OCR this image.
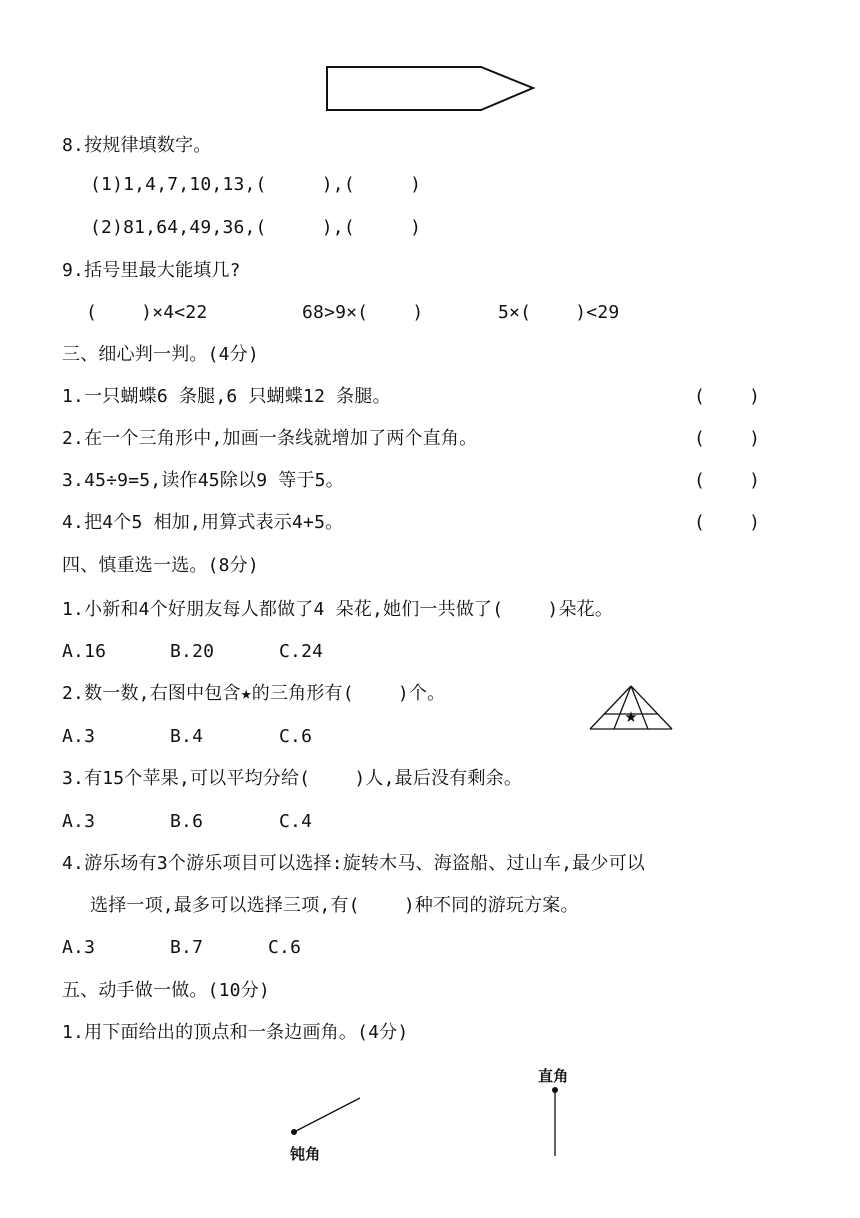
8.按规律填数字。
(1)1,4,7,10,13,(     ),(     )
(2)81,64,49,36,(     ),(     )
9.括号里最大能填几?
(    )×4<22	68>9×(    )	5×(    )<29
三、细心判一判。(4分)
1.一只蝴蝶6 条腿,6 只蝴蝶12 条腿。	(    )
2.在一个三角形中,加画一条线就增加了两个直角。	(    )
3.45÷9=5,读作45除以9 等于5。	(    )
4.把4个5 相加,用算式表示4+5。	(    )
四、慎重选一选。(8分)
1.小新和4个好朋友每人都做了4 朵花,她们一共做了(    )朵花。
A.16	B.20	C.24
2.数一数,右图中包含★的三角形有(    )个。
★
A.3	B.4	C.6
3.有15个苹果,可以平均分给(    )人,最后没有剩余。
A.3	B.6	C.4
4.游乐场有3个游乐项目可以选择:旋转木马、海盗船、过山车,最少可以
选择一项,最多可以选择三项,有(    )种不同的游玩方案。
A.3	B.7	C.6
五、动手做一做。(10分)
1.用下面给出的顶点和一条边画角。(4分)
钝角
直角
